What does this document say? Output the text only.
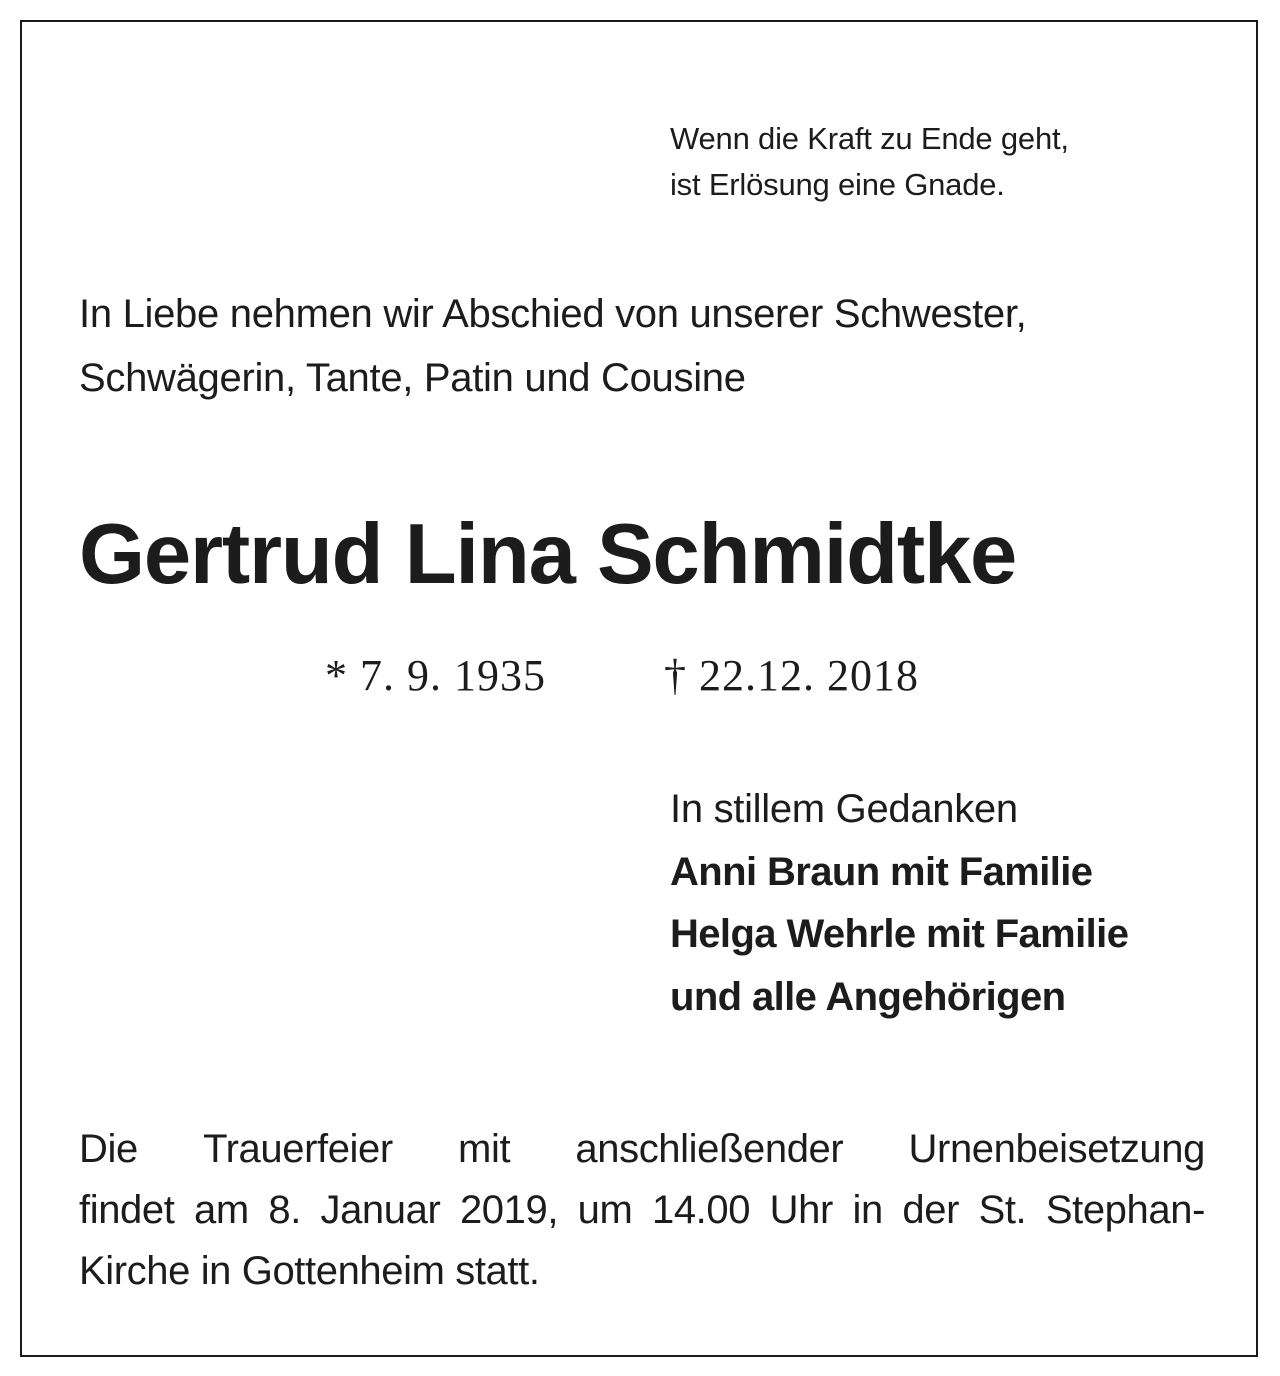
Wenn die Kraft zu Ende geht,
ist Erlösung eine Gnade.
In Liebe nehmen wir Abschied von unserer Schwester,
Schwägerin, Tante, Patin und Cousine
Gertrud Lina Schmidtke
* 7. 9. 1935	† 22.12. 2018
In stillem Gedanken
Anni Braun mit Familie
Helga Wehrle mit Familie
und alle Angehörigen
Die Trauerfeier mit anschließender Urnenbeisetzung
findet am 8. Januar 2019, um 14.00 Uhr in der St. Stephan-
Kirche in Gottenheim statt.
